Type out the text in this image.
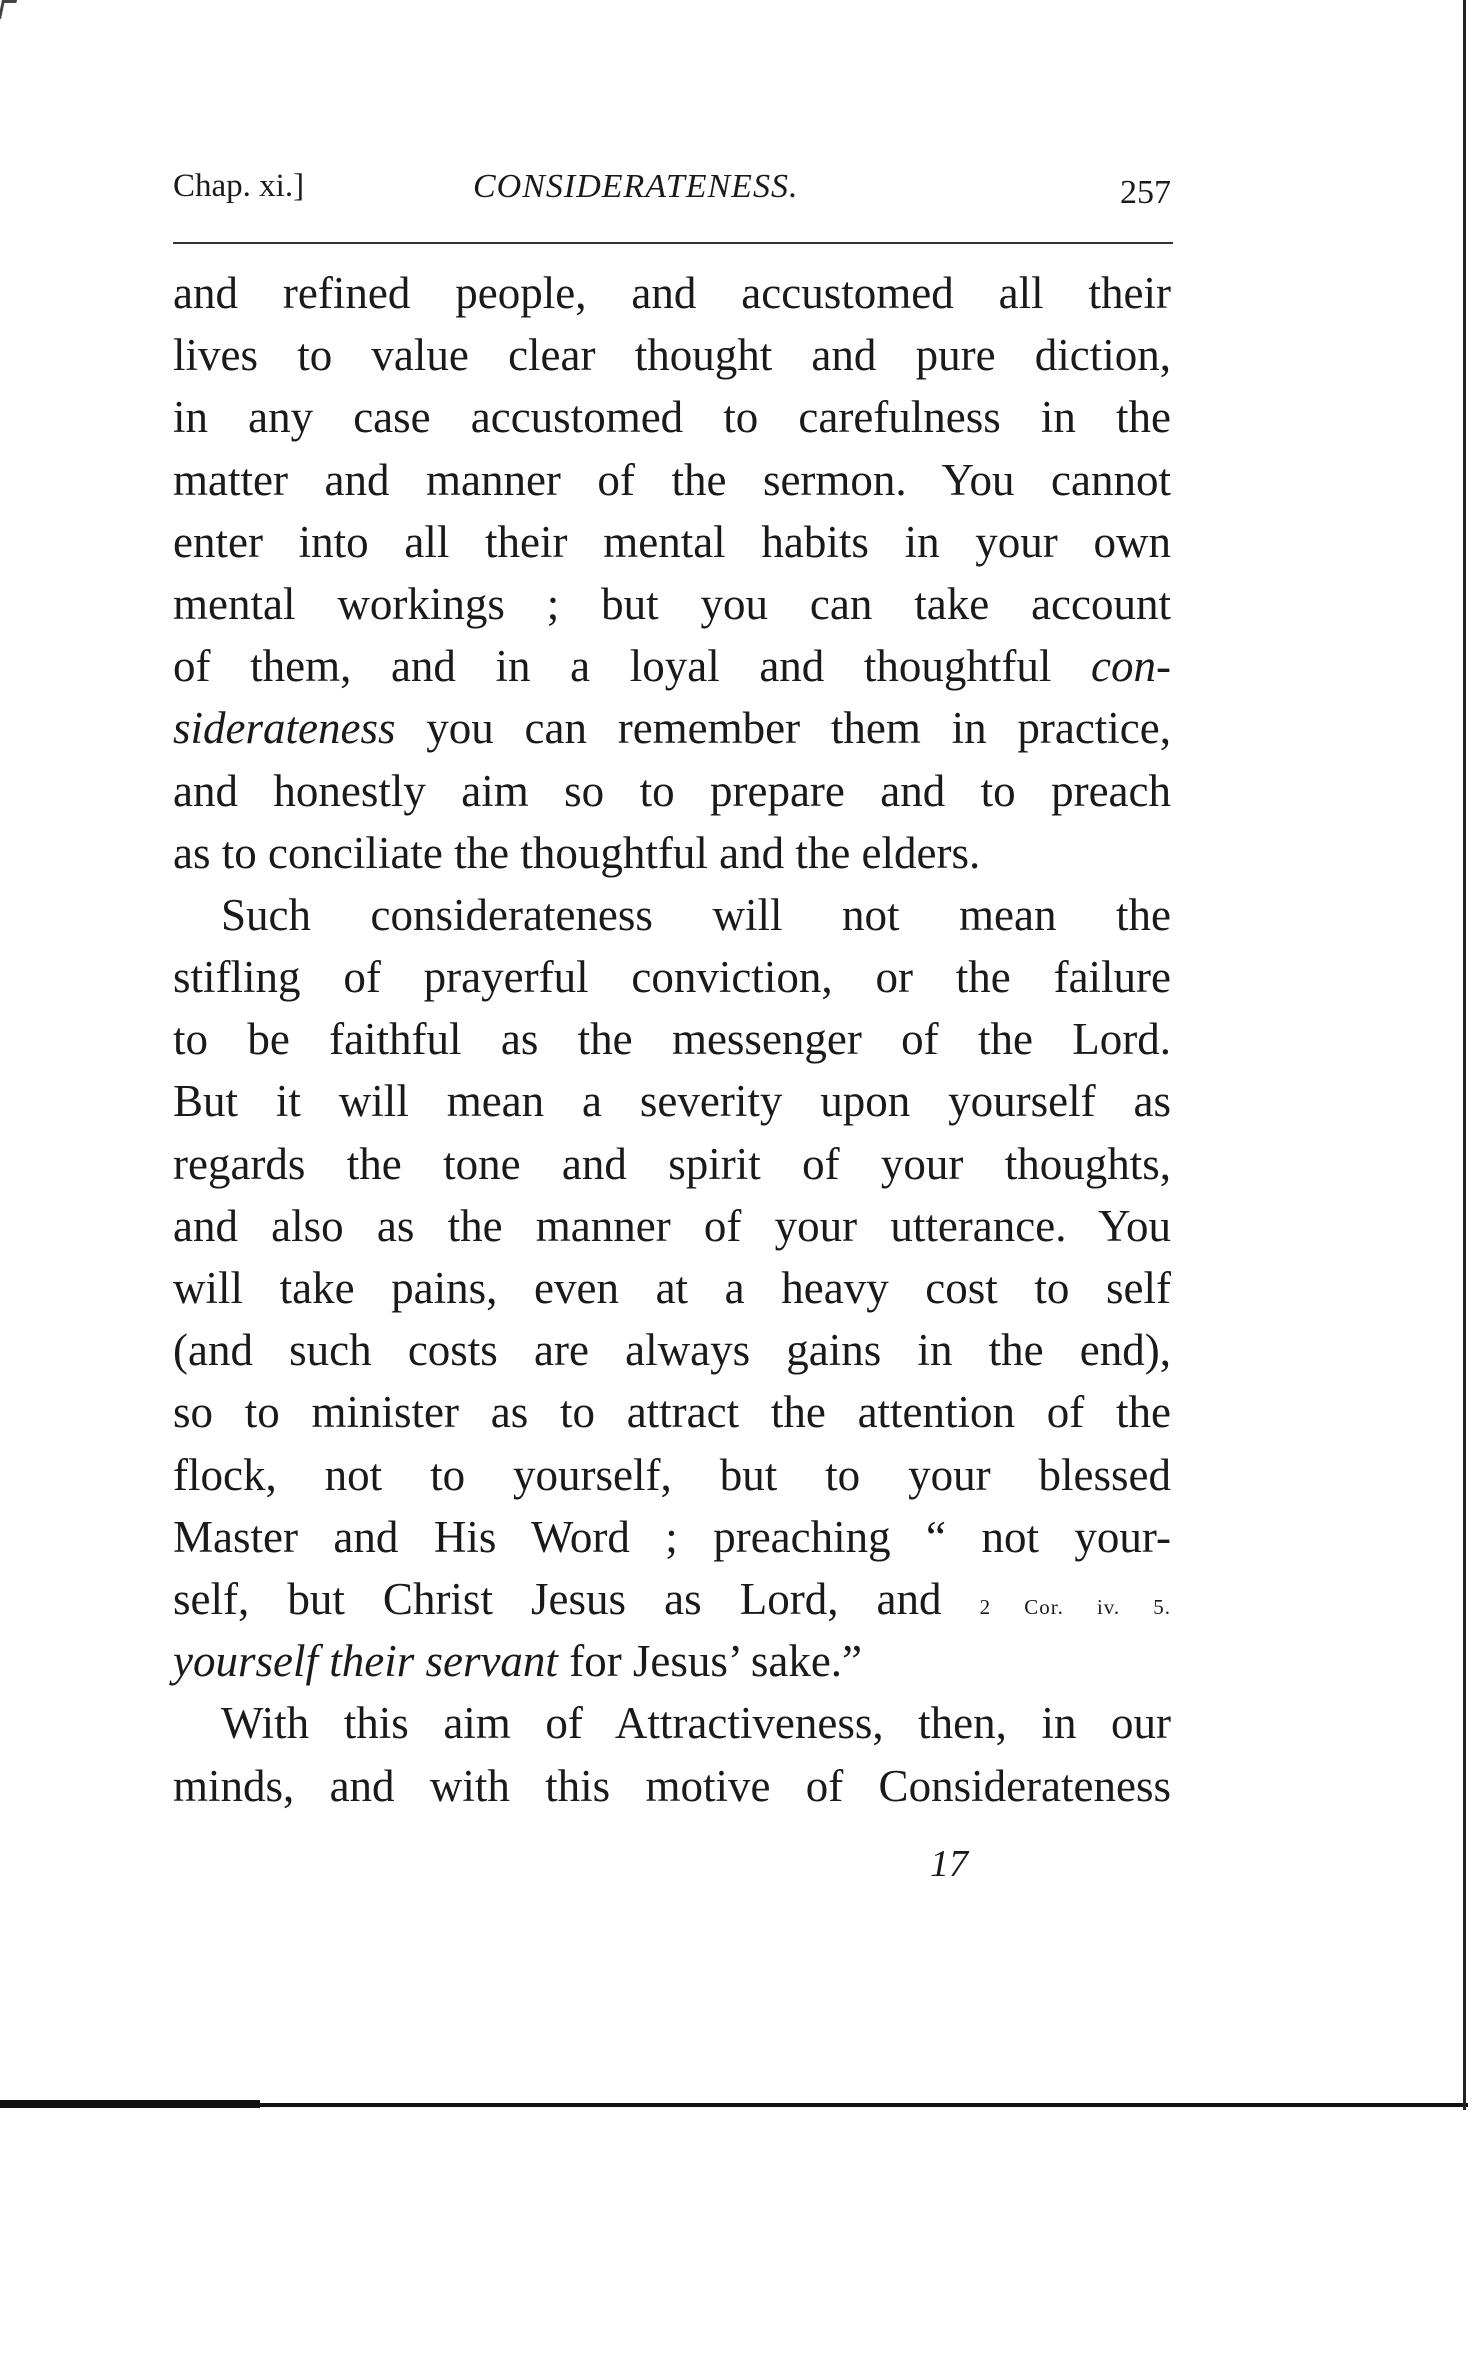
Chap. xi.]	CONSIDERATENESS.	257
and refined people, and accustomed all their
lives to value clear thought and pure diction,
in any case accustomed to carefulness in the
matter and manner of the sermon. You cannot
enter into all their mental habits in your own
mental workings ; but you can take account
of them, and in a loyal and thoughtful con-
siderateness you can remember them in practice,
and honestly aim so to prepare and to preach
as to conciliate the thoughtful and the elders.
Such considerateness will not mean the
stifling of prayerful conviction, or the failure
to be faithful as the messenger of the Lord.
But it will mean a severity upon yourself as
regards the tone and spirit of your thoughts,
and also as the manner of your utterance. You
will take pains, even at a heavy cost to self
(and such costs are always gains in the end),
so to minister as to attract the attention of the
flock, not to yourself, but to your blessed
Master and His Word ; preaching “ not your-
self, but Christ Jesus as Lord, and 2 Cor. iv. 5.
yourself their servant for Jesus’ sake.”
With this aim of Attractiveness, then, in our
minds, and with this motive of Considerateness
17
